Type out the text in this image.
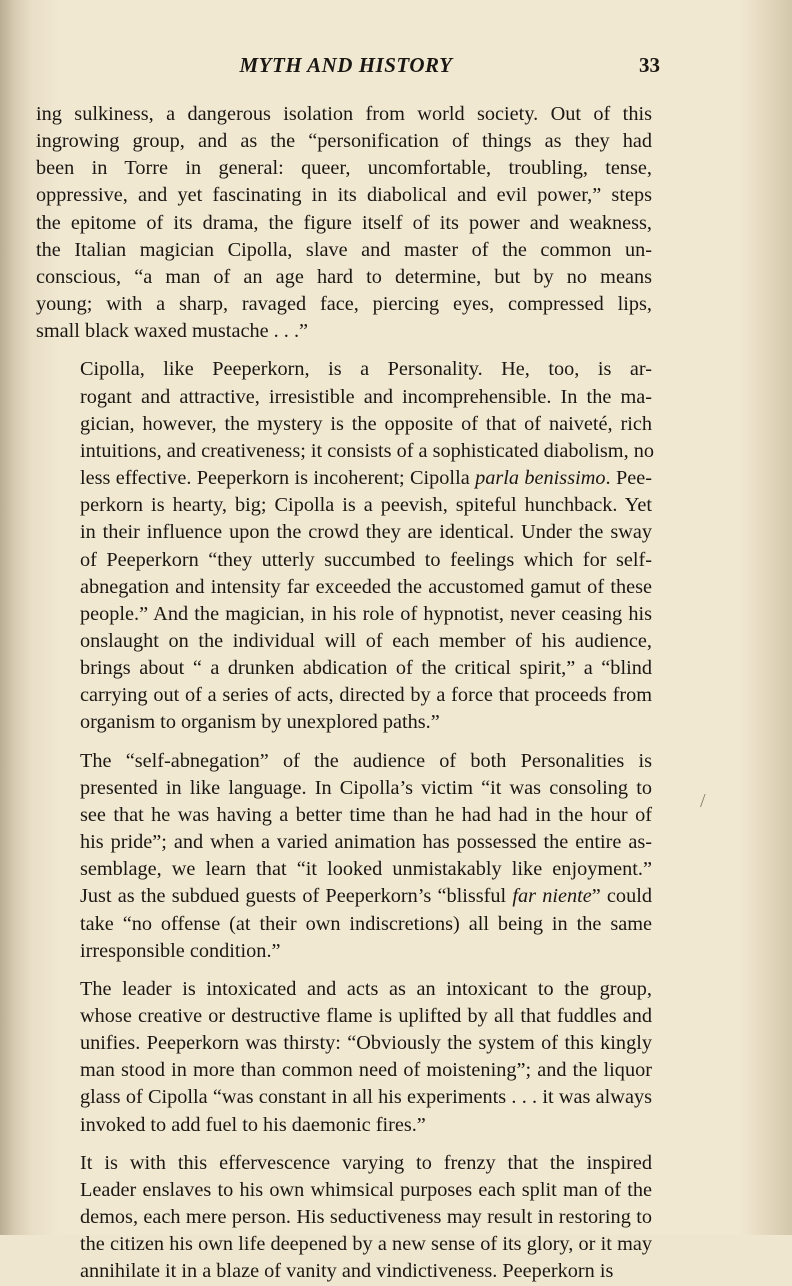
MYTH AND HISTORY	33

ing sulkiness, a dangerous isolation from world society. Out of this
ingrowing group, and as the “personification of things as they had
been in Torre in general: queer, uncomfortable, troubling, tense,
oppressive, and yet fascinating in its diabolical and evil power,” steps
the epitome of its drama, the figure itself of its power and weakness,
the Italian magician Cipolla, slave and master of the common un-
conscious, “a man of an age hard to determine, but by no means
young; with a sharp, ravaged face, piercing eyes, compressed lips,
small black waxed mustache . . .”

Cipolla, like Peeperkorn, is a Personality. He, too, is ar-
rogant and attractive, irresistible and incomprehensible. In the ma-
gician, however, the mystery is the opposite of that of naiveté, rich
intuitions, and creativeness; it consists of a sophisticated diabolism, no
less effective. Peeperkorn is incoherent; Cipolla parla benissimo. Pee-
perkorn is hearty, big; Cipolla is a peevish, spiteful hunchback. Yet
in their influence upon the crowd they are identical. Under the sway
of Peeperkorn “they utterly succumbed to feelings which for self-
abnegation and intensity far exceeded the accustomed gamut of these
people.” And the magician, in his role of hypnotist, never ceasing his
onslaught on the individual will of each member of his audience,
brings about “ a drunken abdication of the critical spirit,” a “blind
carrying out of a series of acts, directed by a force that proceeds from
organism to organism by unexplored paths.”

The “self-abnegation” of the audience of both Personalities is
presented in like language. In Cipolla’s victim “it was consoling to
see that he was having a better time than he had had in the hour of
his pride”; and when a varied animation has possessed the entire as-
semblage, we learn that “it looked unmistakably like enjoyment.”
Just as the subdued guests of Peeperkorn’s “blissful far niente” could
take “no offense (at their own indiscretions) all being in the same
irresponsible condition.”

The leader is intoxicated and acts as an intoxicant to the group,
whose creative or destructive flame is uplifted by all that fuddles and
unifies. Peeperkorn was thirsty: “Obviously the system of this kingly
man stood in more than common need of moistening”; and the liquor
glass of Cipolla “was constant in all his experiments . . . it was always
invoked to add fuel to his daemonic fires.”

It is with this effervescence varying to frenzy that the inspired
Leader enslaves to his own whimsical purposes each split man of the
demos, each mere person. His seductiveness may result in restoring to
the citizen his own life deepened by a new sense of its glory, or it may
annihilate it in a blaze of vanity and vindictiveness. Peeperkorn is

/
